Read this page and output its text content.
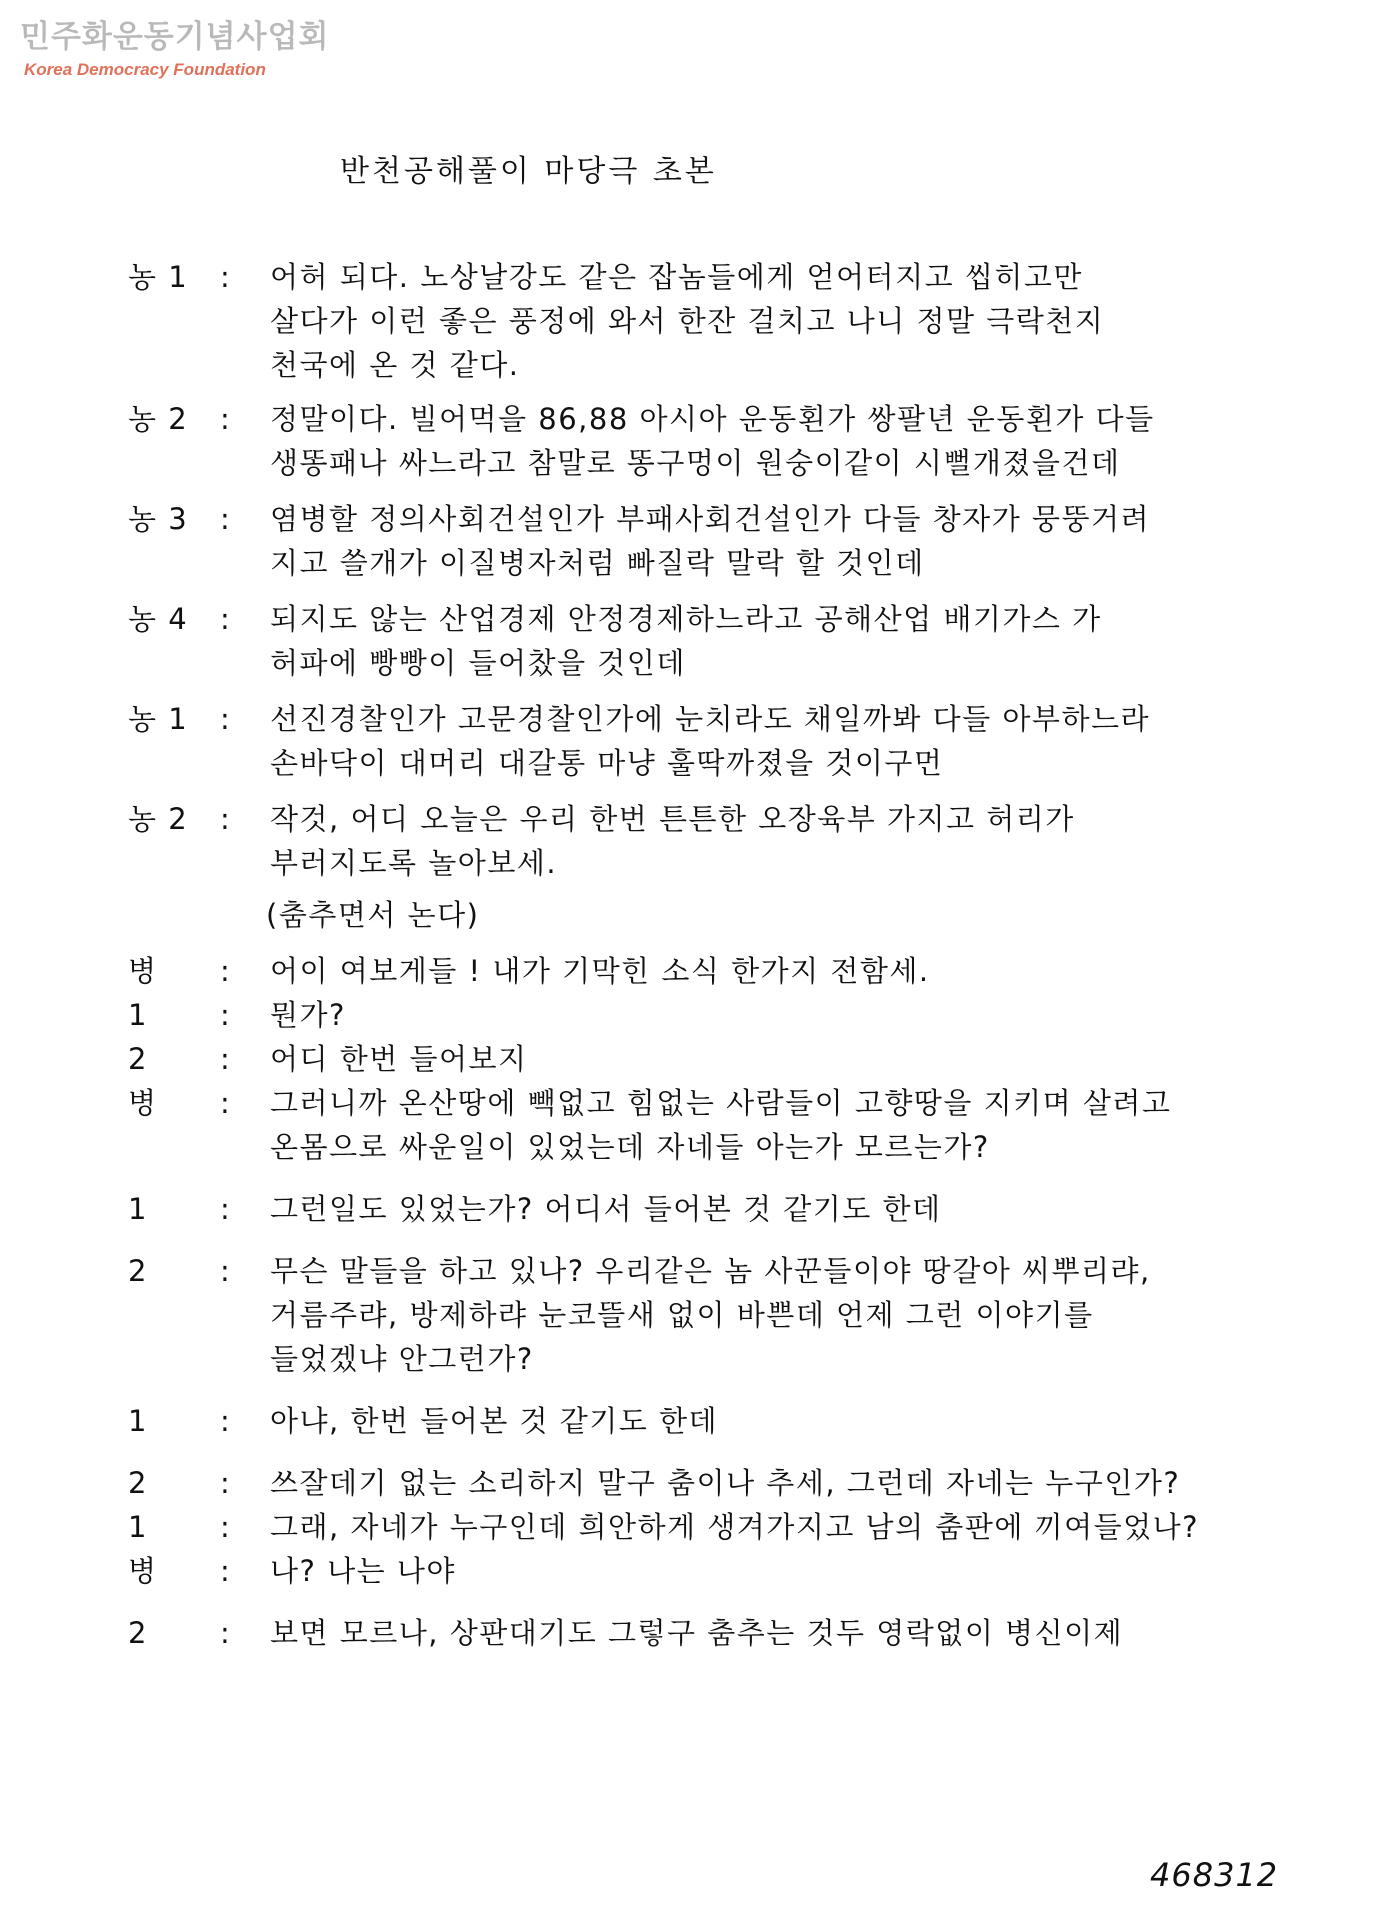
민주화운동기념사업회
Korea Democracy Foundation
반천공해풀이 마당극 초본
농 1	:	어허 되다. 노상날강도 같은 잡놈들에게 얻어터지고 씹히고만
살다가 이런 좋은 풍정에 와서 한잔 걸치고 나니 정말 극락천지
천국에 온 것 같다.
농 2	:	정말이다. 빌어먹을 86,88 아시아 운동횐가 쌍팔년 운동횐가 다들
생똥패나 싸느라고 참말로 똥구멍이 원숭이같이 시뻘개졌을건데
농 3	:	염병할 정의사회건설인가 부패사회건설인가 다들 창자가 뭉뚱거려
지고 쓸개가 이질병자처럼 빠질락 말락 할 것인데
농 4	:	되지도 않는 산업경제 안정경제하느라고 공해산업 배기가스 가
허파에 빵빵이 들어찼을 것인데
농 1	:	선진경찰인가 고문경찰인가에 눈치라도 채일까봐 다들 아부하느라
손바닥이 대머리 대갈통 마냥 훌딱까졌을 것이구먼
농 2	:	작것, 어디 오늘은 우리 한번 튼튼한 오장육부 가지고 허리가
부러지도록 놀아보세.
(춤추면서 논다)
병	:	어이 여보게들 ! 내가 기막힌 소식 한가지 전함세.
1	:	뭔가?
2	:	어디 한번 들어보지
병	:	그러니까 온산땅에 빽없고 힘없는 사람들이 고향땅을 지키며 살려고
온몸으로 싸운일이 있었는데 자네들 아는가 모르는가?
1	:	그런일도 있었는가? 어디서 들어본 것 같기도 한데
2	:	무슨 말들을 하고 있나? 우리같은 놈 사꾼들이야 땅갈아 씨뿌리랴,
거름주랴, 방제하랴 눈코뜰새 없이 바쁜데 언제 그런 이야기를
들었겠냐 안그런가?
1	:	아냐, 한번 들어본 것 같기도 한데
2	:	쓰잘데기 없는 소리하지 말구 춤이나 추세, 그런데 자네는 누구인가?
1	:	그래, 자네가 누구인데 희안하게 생겨가지고 남의 춤판에 끼여들었나?
병	:	나? 나는 나야
2	:	보면 모르나, 상판대기도 그렇구 춤추는 것두 영락없이 병신이제
468312
